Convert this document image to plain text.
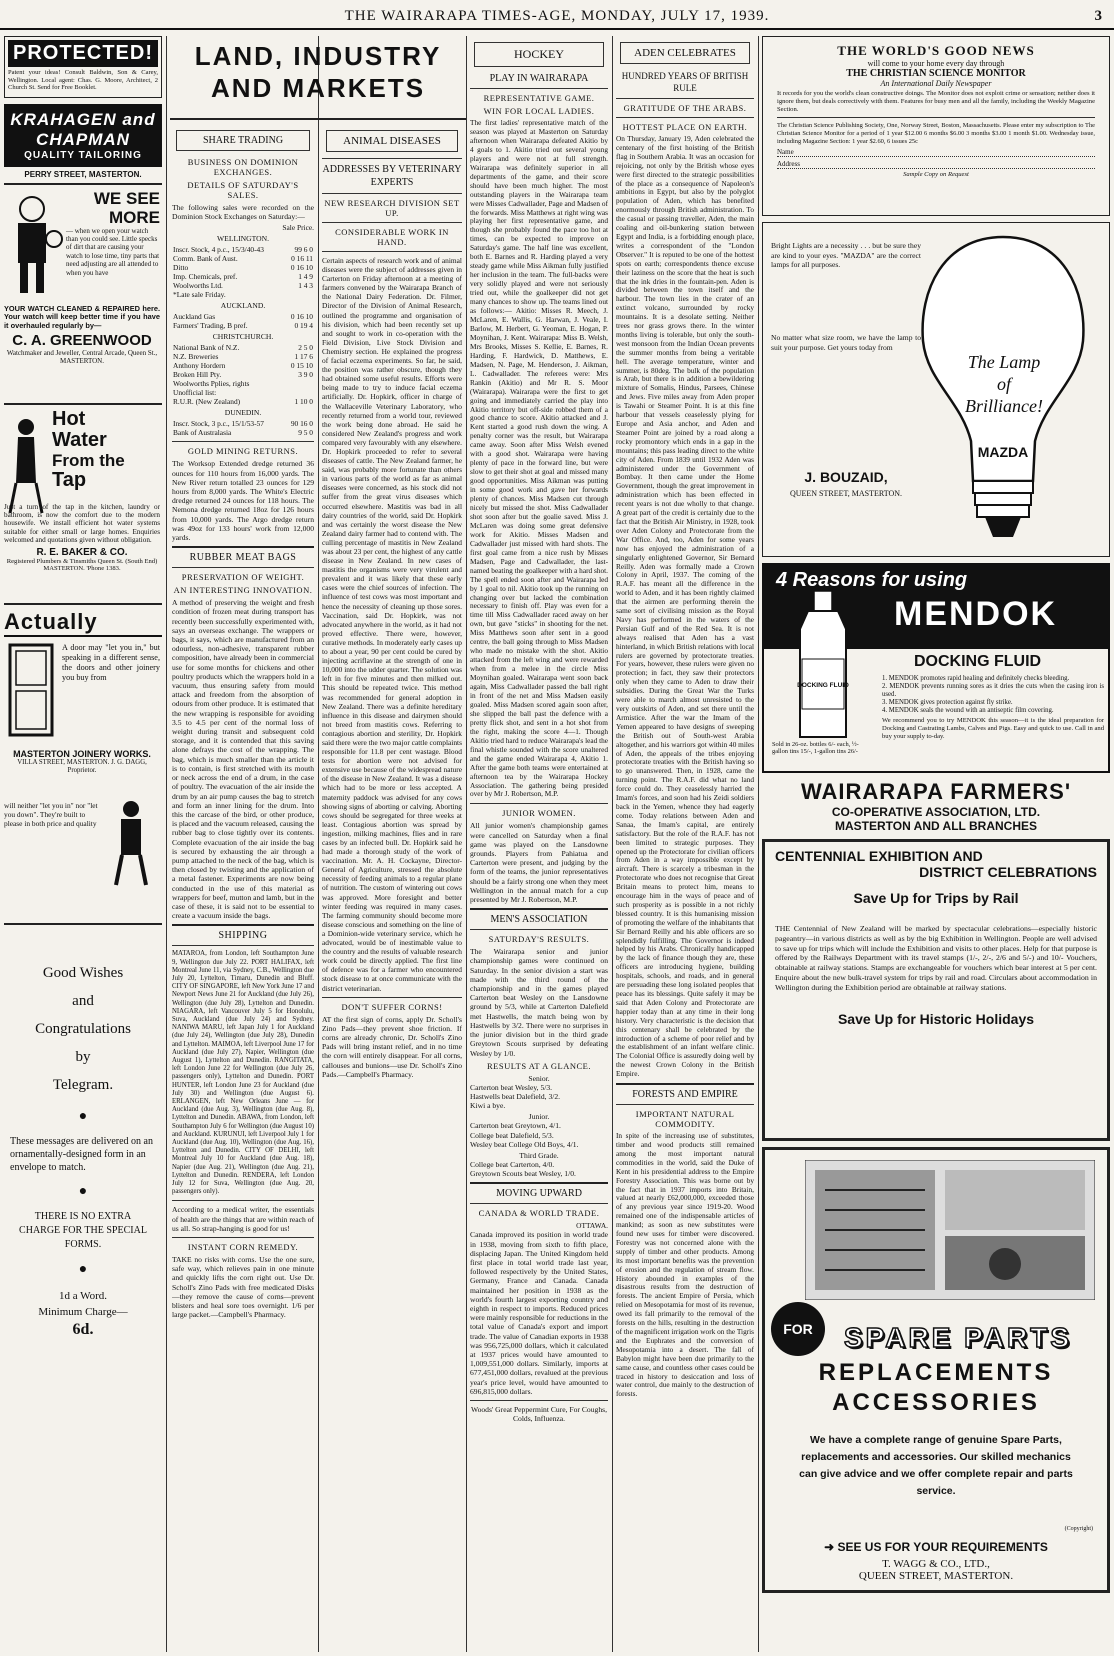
THE WAIRARAPA TIMES-AGE, MONDAY, JULY 17, 1939.	3
PROTECTED!
Patent your ideas! Consult Baldwin, Son & Carey, Wellington. Local agent: Chas. G. Moore, Architect, 2 Church St. Send for Free Booklet.
KRAHAGEN and CHAPMAN
QUALITY TAILORING
PERRY STREET, MASTERTON.
WE SEE MORE
— when we open your watch than you could see. Little specks of dirt that are causing your watch to lose time, tiny parts that need adjusting are all attended to when you have
YOUR WATCH CLEANED & REPAIRED here. Your watch will keep better time if you have it overhauled regularly by—
C. A. GREENWOOD
Watchmaker and Jeweller, Central Arcade, Queen St., MASTERTON.
Hot
Water
From the
Tap
Just a turn of the tap in the kitchen, laundry or bathroom, is now the comfort due to the modern housewife. We install efficient hot water systems suitable for either small or large homes. Enquiries welcomed and quotations given without obligation.
R. E. BAKER & CO.
Registered Plumbers & Tinsmiths Queen St. (South End) MASTERTON. 'Phone 1383.
Actually
A door may "let you in," but speaking in a different sense, the doors and other joinery you buy from
MASTERTON JOINERY WORKS.
VILLA STREET, MASTERTON. J. G. DAGG, Proprietor.
will neither "let you in" nor "let you down". They're built to please in both price and quality
Good Wishes
and
Congratulations
by
Telegram.
●
These messages are delivered on an ornamentally-designed form in an envelope to match.
●
THERE IS NO EXTRA CHARGE FOR THE SPECIAL FORMS.
●
1d a Word.
Minimum Charge—
6d.
LAND, INDUSTRY
AND MARKETS
SHARE TRADING
BUSINESS ON DOMINION EXCHANGES.
DETAILS OF SATURDAY'S SALES.
The following sales were recorded on the Dominion Stock Exchanges on Saturday:—
Sale Price.
WELLINGTON.
Inscr. Stock, 4 p.c., 15/3/40-43	99 6 0
Comm. Bank of Aust.	0 16 11
Ditto	0 16 10
Imp. Chemicals, pref.	1 4 9
Woolworths Ltd.	1 4 3
*Late sale Friday.	
AUCKLAND.
Auckland Gas	0 16 10
Farmers' Trading, B pref.	0 19 4
CHRISTCHURCH.
National Bank of N.Z.	2 5 0
N.Z. Breweries	1 17 6
Anthony Hordern	0 15 10
Broken Hill Pty.	3 9 0
Woolworths Pplies, rights	
Unofficial list:	
R.U.R. (New Zealand)	1 10 0
DUNEDIN.
Inscr. Stock, 3 p.c., 15/1/53-57	90 16 0
Bank of Australasia	9 5 0
GOLD MINING RETURNS.
The Worksop Extended dredge returned 36 ounces for 110 hours from 16,000 yards. The New River return totalled 23 ounces for 129 hours from 8,000 yards. The White's Electric dredge returned 24 ounces for 118 hours. The Nemona dredge returned 18oz for 126 hours from 10,000 yards. The Argo dredge return was 49oz for 133 hours' work from 12,000 yards.
RUBBER MEAT BAGS
PRESERVATION OF WEIGHT.
AN INTERESTING INNOVATION.
A method of preserving the weight and fresh condition of frozen meat during transport has recently been successfully experimented with, says an overseas exchange. The wrappers or bags, it says, which are manufactured from an odourless, non-adhesive, transparent rubber composition, have already been in commercial use for some months for chickens and other poultry products which the wrappers hold in a vacuum, thus ensuring safety from mould attack and freedom from the absorption of odours from other produce. It is estimated that the new wrapping is responsible for avoiding 3.5 to 4.5 per cent of the normal loss of weight during transit and subsequent cold storage, and it is contended that this saving alone defrays the cost of the wrapping. The bag, which is much smaller than the article it is to contain, is first stretched with its mouth or neck across the end of a drum, in the case of poultry. The evacuation of the air inside the drum by an air pump causes the bag to stretch and form an inner lining for the drum. Into this the carcase of the bird, or other produce, is placed and the vacuum released, causing the rubber bag to close tightly over its contents. Complete evacuation of the air inside the bag is secured by exhausting the air through a pump attached to the neck of the bag, which is then closed by twisting and the application of a metal fastener. Experiments are now being conducted in the use of this material as wrappers for beef, mutton and lamb, but in the case of these, it is said not to be essential to create a vacuum inside the bags.
SHIPPING
MATAROA, from London, left Southampton June 9, Wellington due July 22. PORT HALIFAX, left Montreal June 11, via Sydney, C.B., Wellington due July 20, Lyttelton, Timaru, Dunedin and Bluff. CITY OF SINGAPORE, left New York June 17 and Newport News June 21 for Auckland (due July 26), Wellington (due July 28), Lyttelton and Dunedin. NIAGARA, left Vancouver July 5 for Honolulu, Suva, Auckland (due July 24) and Sydney. NANIWA MARU, left Japan July 1 for Auckland (due July 24), Wellington (due July 28), Dunedin and Lyttelton. MAIMOA, left Liverpool June 17 for Auckland (due July 27), Napier, Wellington (due August 1), Lyttelton and Dunedin. RANGITATA, left London June 22 for Wellington (due July 26, passengers only), Lyttelton and Dunedin. PORT HUNTER, left London June 23 for Auckland (due July 30) and Wellington (due August 6). ERLANGEN, left New Orleans June — for Auckland (due Aug. 3), Wellington (due Aug. 8), Lyttelton and Dunedin. ABAWA, from London, left Southampton July 6 for Wellington (due August 10) and Auckland. KURUNUI, left Liverpool July 1 for Auckland (due Aug. 10), Wellington (due Aug. 16), Lyttelton and Dunedin. CITY OF DELHI, left Montreal July 10 for Auckland (due Aug. 18), Napier (due Aug. 21), Wellington (due Aug. 21), Lyttelton and Dunedin. RENDERA, left London July 12 for Suva, Wellington (due Aug. 20, passengers only).
According to a medical writer, the essentials of health are the things that are within reach of us all. So strap-hanging is good for us!
INSTANT CORN REMEDY.
TAKE no risks with corns. Use the one sure, safe way, which relieves pain in one minute and quickly lifts the corn right out. Use Dr. Scholl's Zino Pads with free medicated Disks—they remove the cause of corns—prevent blisters and heal sore toes overnight. 1/6 per large packet.—Campbell's Pharmacy.
ANIMAL DISEASES
ADDRESSES BY VETERINARY EXPERTS
NEW RESEARCH DIVISION SET UP.
CONSIDERABLE WORK IN HAND.
Certain aspects of research work and of animal diseases were the subject of addresses given in Carterton on Friday afternoon at a meeting of farmers convened by the Wairarapa Branch of the National Dairy Federation. Dr. Filmer, Director of the Division of Animal Research, outlined the programme and organisation of his division, which had been recently set up and sought to work in co-operation with the Field Division, Live Stock Division and Chemistry section. He explained the progress of facial eczema experiments. So far, he said, the position was rather obscure, though they had obtained some useful results. Efforts were being made to try to induce facial eczema artificially. Dr. Hopkirk, officer in charge of the Wallaceville Veterinary Laboratory, who recently returned from a world tour, reviewed the work being done abroad. He said he considered New Zealand's progress and work compared very favourably with any elsewhere. Dr. Hopkirk proceeded to refer to several diseases of cattle. The New Zealand farmer, he said, was probably more fortunate than others in various parts of the world as far as animal diseases were concerned, as his stock did not suffer from the great virus diseases which occurred elsewhere. Mastitis was bad in all dairy countries of the world, said Dr. Hopkirk and was certainly the worst disease the New Zealand dairy farmer had to contend with. The culling percentage of mastitis in New Zealand was about 23 per cent, the highest of any cattle disease in New Zealand. In new cases of mastitis the organisms were very virulent and prevalent and it was likely that these early cases were the chief sources of infection. The influence of test cows was most important and hence the necessity of cleaning up those sores. Vaccination, said Dr. Hopkirk, was not advocated anywhere in the world, as it had not proved effective. There were, however, curative methods. In moderately early cases up to about a year, 90 per cent could be cured by injecting acriflavine at the strength of one in 10,000 into the udder quarter. The solution was left in for five minutes and then milked out. This should be repeated twice. This method was recommended for general adoption in New Zealand. There was a definite hereditary influence in this disease and dairymen should not breed from mastitis cows. Referring to contagious abortion and sterility, Dr. Hopkirk said there were the two major cattle complaints responsible for 11.8 per cent wastage. Blood tests for abortion were not advised for extensive use because of the widespread nature of the disease in New Zealand. It was a disease which had to be more or less accepted. A maternity paddock was advised for any cows showing signs of aborting or calving. Aborting cows should be segregated for three weeks at least. Contagious abortion was spread by ingestion, milking machines, flies and in rare cases by an infected bull. Dr. Hopkirk said he had made a thorough study of the work of vaccination. Mr. A. H. Cockayne, Director-General of Agriculture, stressed the absolute necessity of feeding animals to a regular plane of nutrition. The custom of wintering out cows was approved. More foresight and better winter feeding was required in many cases. The farming community should become more disease conscious and something on the line of a Dominion-wide veterinary service, which he advocated, would be of inestimable value to the country and the results of valuable research work could be directly applied. The first line of defence was for a farmer who encountered stock disease to at once communicate with the district veterinarian.
DON'T SUFFER CORNS!
AT the first sign of corns, apply Dr. Scholl's Zino Pads—they prevent shoe friction. If corns are already chronic, Dr. Scholl's Zino Pads will bring instant relief, and in no time the corn will entirely disappear. For all corns, callouses and bunions—use Dr. Scholl's Zino Pads.—Campbell's Pharmacy.
HOCKEY
PLAY IN WAIRARAPA
REPRESENTATIVE GAME.
WIN FOR LOCAL LADIES.
The first ladies' representative match of the season was played at Masterton on Saturday afternoon when Wairarapa defeated Akitio by 4 goals to 1. Akitio tried out several young players and were not at full strength. Wairarapa was definitely superior in all departments of the game, and their score should have been much higher. The most outstanding players in the Wairarapa team were Misses Cadwallader, Page and Madsen of the forwards. Miss Matthews at right wing was playing her first representative game, and though she probably found the pace too hot at times, can be expected to improve on Saturday's game. The half line was excellent, both E. Barnes and R. Harding played a very steady game while Miss Aikman fully justified her inclusion in the team. The full-backs were very solidly played and were not seriously tried out, while the goalkeeper did not get many chances to show up. The teams lined out as follows:— Akitio: Misses R. Meech, J. McLaren, E. Wallis, G. Harwan, J. Veale, I. Barlow, M. Herbert, G. Yeoman, E. Hogan, P. Moynihan, J. Kent. Wairarapa: Miss B. Welsh, Mrs Brooks, Misses S. Kellie, E. Barnes, R. Harding, F. Hardwick, D. Matthews, E. Madsen, N. Page, M. Henderson, J. Aikman, L. Cadwallader. The referees were: Mrs Rankin (Akitio) and Mr R. S. Moor (Wairarapa). Wairarapa were the first to get going and immediately carried the play into Akitio territory but off-side robbed them of a good chance to score. Akitio attacked and J. Kent started a good rush down the wing. A penalty corner was the result, but Wairarapa came away. Soon after Miss Welsh evened with a good shot. Wairarapa were having plenty of pace in the forward line, but were slow to get their shot at goal and missed many good opportunities. Miss Aikman was putting in some good work and gave her forwards plenty of chances. Miss Madsen cut through nicely but missed the shot. Miss Cadwallader shot soon after but the goalie saved. Miss J. McLaren was doing some great defensive work for Akitio. Misses Madsen and Cadwallader just missed with hard shots. The first goal came from a nice rush by Misses Madsen, Page and Cadwallader, the last-named beating the goalkeeper with a hard shot. The spell ended soon after and Wairarapa led by 1 goal to nil. Akitio took up the running on changing over but lacked the combination necessary to finish off. Play was even for a time till Miss Cadwallader raced away on her own, but gave "sticks" in shooting for the net. Miss Matthews soon after sent in a good centre, the ball going through to Miss Madsen who made no mistake with the shot. Akitio attacked from the left wing and were rewarded when from a melee in the circle Miss Moynihan goaled. Wairarapa went soon back again, Miss Cadwallader passed the ball right in front of the net and Miss Madsen easily goaled. Miss Madsen scored again soon after, she slipped the ball past the defence with a pretty flick shot, and sent in a hot shot from the right, making the score 4—1. Though Akitio tried hard to reduce Wairarapa's lead the final whistle sounded with the score unaltered and the game ended Wairarapa 4, Akitio 1. After the game both teams were entertained at afternoon tea by the Wairarapa Hockey Association. The gathering being presided over by Mr J. Robertson, M.P.
JUNIOR WOMEN.
All junior women's championship games were cancelled on Saturday when a final game was played on the Lansdowne grounds. Players from Pahiatua and Carterton were present, and judging by the form of the teams, the junior representatives should be a fairly strong one when they meet Wellington in the annual match for a cup presented by Mr J. Robertson, M.P.
MEN'S ASSOCIATION
SATURDAY'S RESULTS.
The Wairarapa senior and junior championship games were continued on Saturday. In the senior division a start was made with the third round of the championship and in the games played Carterton beat Wesley on the Lansdowne ground by 5/3, while at Carterton Dalefield met Hastwells, the match being won by Hastwells by 3/2. There were no surprises in the junior division but in the third grade Greytown Scouts surprised by defeating Wesley by 1/0.
RESULTS AT A GLANCE.
Senior.
Carterton beat Wesley, 5/3.
Hastwells beat Dalefield, 3/2.
Kiwi a bye.
Junior.
Carterton beat Greytown, 4/1.
College beat Dalefield, 5/3.
Wesley beat College Old Boys, 4/1.
Third Grade.
College beat Carterton, 4/0.
Greytown Scouts beat Wesley, 1/0.
MOVING UPWARD
CANADA & WORLD TRADE.
OTTAWA.
Canada improved its position in world trade in 1938, moving from sixth to fifth place, displacing Japan. The United Kingdom held first place in total world trade last year, followed respectively by the United States, Germany, France and Canada. Canada maintained her position in 1938 as the world's fourth largest exporting country and eighth in respect to imports. Reduced prices were mainly responsible for reductions in the total value of Canada's export and import trade. The value of Canadian exports in 1938 was 956,725,000 dollars, which it calculated at 1937 prices would have amounted to 1,009,551,000 dollars. Similarly, imports at 677,451,000 dollars, revalued at the previous year's price level, would have amounted to 696,815,000 dollars.
Woods' Great Peppermint Cure, For Coughs, Colds, Influenza.
ADEN CELEBRATES
HUNDRED YEARS OF BRITISH RULE
GRATITUDE OF THE ARABS.
HOTTEST PLACE ON EARTH.
On Thursday, January 19, Aden celebrated the centenary of the first hoisting of the British flag in Southern Arabia. It was an occasion for rejoicing, not only by the British whose eyes were first directed to the strategic possibilities of the place as a consequence of Napoleon's ambitions in Egypt, but also by the polyglot population of Aden, which has benefited enormously through British administration. To the casual or passing traveller, Aden, the main coaling and oil-bunkering station between Egypt and India, is a forbidding enough place, writes a correspondent of the "London Observer." It is reputed to be one of the hottest spots on earth; correspondents thence excuse their laziness on the score that the heat is such that the ink dries in the fountain-pen. Aden is divided between the town itself and the harbour. The town lies in the crater of an extinct volcano, surrounded by rocky mountains. It is a desolate setting. Neither trees nor grass grows there. In the winter months living is tolerable, but only the south-west monsoon from the Indian Ocean prevents the summer months from being a veritable hell. The average temperature, winter and summer, is 80deg. The bulk of the population is Arab, but there is in addition a bewildering mixture of Somalis, Hindus, Parsees, Chinese and Jews. Five miles away from Aden proper is Tawahi or Steamer Point. It is at this fine harbour that vessels ceaselessly plying for Europe and Asia anchor, and Aden and Steamer Point are joined by a road along a rocky promontory which ends in a gap in the mountains; this pass leading direct to the white city of Aden. From 1839 until 1932 Aden was administered under the Government of Bombay. It then came under the Home Government, though the great improvement in administration which has been effected in recent years is not due wholly to that change. A great part of the credit is certainly due to the fact that the British Air Ministry, in 1928, took over Aden Colony and Protectorate from the War Office. And, too, Aden for some years now has enjoyed the administration of a singularly enlightened Governor, Sir Bernard Reilly. Aden was formally made a Crown Colony in April, 1937. The coming of the R.A.F. has meant all the difference in the world to Aden, and it has been rightly claimed that the airmen are performing therein the same sort of civilising mission as the Royal Navy has performed in the waters of the Persian Gulf and of the Red Sea. It is not always realised that Aden has a vast hinterland, in which British relations with local rulers are governed by protectorate treaties. For years, however, these rulers were given no protection; in fact, they saw their protectors only when they came to Aden to draw their subsidies. During the Great War the Turks were able to march almost unresisted to the very outskirts of Aden, and set there until the Armistice. After the war the Imam of the Yemen appeared to have designs of sweeping the British out of South-west Arabia altogether, and his warriors got within 40 miles of Aden, the appeals of the tribes enjoying protectorate treaties with the British having so to go unanswered. Then, in 1928, came the turning point. The R.A.F. did what no land force could do. They ceaselessly harried the Imam's forces, and soon had his Zeidi soldiers back in the Yemen, whence they had eagerly come. Today relations between Aden and Sanaa, the Imam's capital, are entirely satisfactory. But the role of the R.A.F. has not been limited to strategic purposes. They opened up the Protectorate for civilian officers from Aden in a way impossible except by aircraft. There is scarcely a tribesman in the Protectorate who does not recognise that Great Britain means to protect him, means to encourage him in the ways of peace and of such prosperity as is possible in a not richly blessed country. It is this humanising mission of promoting the welfare of the inhabitants that Sir Bernard Reilly and his able officers are so splendidly fulfilling. The Governor is indeed helped by his Arabs. Chronically handicapped by the lack of finance though they are, these officers are introducing hygiene, building hospitals, schools, and roads, and in general are persuading these long isolated peoples that peace has its blessings. Quite safely it may be said that Aden Colony and Protectorate are happier today than at any time in their long history. Very characteristic is the decision that this centenary shall be celebrated by the introduction of a scheme of poor relief and by the establishment of an infant welfare clinic. The Colonial Office is assuredly doing well by the newest Crown Colony in the British Empire.
FORESTS AND EMPIRE
IMPORTANT NATURAL COMMODITY.
In spite of the increasing use of substitutes, timber and wood products still remained among the most important natural commodities in the world, said the Duke of Kent in his presidential address to the Empire Forestry Association. This was borne out by the fact that in 1937 imports into Britain, valued at nearly £62,000,000, exceeded those of any previous year since 1919-20. Wood remained one of the indispensable articles of mankind; as soon as new substitutes were found new uses for timber were discovered. Forestry was not concerned alone with the supply of timber and other products. Among its most important benefits was the prevention of erosion and the regulation of stream flow. History abounded in examples of the disastrous results from the destruction of forests. The ancient Empire of Persia, which relied on Mesopotamia for most of its revenue, owed its fall primarily to the removal of the forests on the hills, resulting in the destruction of the magnificent irrigation work on the Tigris and the Euphrates and the conversion of Mesopotamia into a desert. The fall of Babylon might have been due primarily to the same cause, and countless other cases could be traced in history to desiccation and loss of water control, due mainly to the destruction of forests.
THE WORLD'S GOOD NEWS
will come to your home every day through
THE CHRISTIAN SCIENCE MONITOR
An International Daily Newspaper
It records for you the world's clean constructive doings. The Monitor does not exploit crime or sensation; neither does it ignore them, but deals correctively with them. Features for busy men and all the family, including the Weekly Magazine Section.
The Christian Science Publishing Society, One, Norway Street, Boston, Massachusetts. Please enter my subscription to The Christian Science Monitor for a period of 1 year $12.00 6 months $6.00 3 months $3.00 1 month $1.00. Wednesday issue, including Magazine Section: 1 year $2.60, 6 issues 25c
Name
Address
Sample Copy on Request
MAZDA
Bright Lights are a necessity . . . but be sure they are kind to your eyes. "MAZDA" are the correct lamps for all purposes.
No matter what size room, we have the lamp to suit your purpose. Get yours today from
The Lamp
of
Brilliance!
J. BOUZAID,
QUEEN STREET, MASTERTON.
4 Reasons for using
MENDOK
DOCKING FLUID
DOCKING FLUID
1. MENDOK promotes rapid healing and definitely checks bleeding.
2. MENDOK prevents running sores as it dries the cuts when the casing iron is used.
3. MENDOK gives protection against fly strike.
4. MENDOK seals the wound with an antiseptic film covering.
We recommend you to try MENDOK this season—it is the ideal preparation for Docking and Castrating Lambs, Calves and Pigs. Easy and quick to use. Call in and buy your supply to-day.
Sold in 26-oz. bottles 6/- each, ½-gallon tins 15/-, 1-gallon tins 26/-
WAIRARAPA FARMERS'
CO-OPERATIVE ASSOCIATION, LTD.
MASTERTON AND ALL BRANCHES
CENTENNIAL EXHIBITION AND
DISTRICT CELEBRATIONS
Save Up for Trips by Rail
THE Centennial of New Zealand will be marked by spectacular celebrations—especially historic pageantry—in various districts as well as by the big Exhibition in Wellington. People are well advised to save up for trips which will include the Exhibition and visits to other places. Help for that purpose is offered by the Railways Department with its travel stamps (1/-, 2/-, 2/6 and 5/-) and 10/- Vouchers, obtainable at railway stations. Stamps are exchangeable for vouchers which bear interest at 5 per cent. Enquire about the new bulk-travel system for trips by rail and road. Circulars about accommodation in Wellington during the Exhibition period are obtainable at railway stations.
Save Up for Historic Holidays
FOR	SPARE PARTS
REPLACEMENTS
ACCESSORIES
We have a complete range of genuine Spare Parts, replacements and accessories. Our skilled mechanics can give advice and we offer complete repair and parts service.
(Copyright)
➜ SEE US FOR YOUR REQUIREMENTS
T. WAGG & CO., LTD.,
QUEEN STREET, MASTERTON.
